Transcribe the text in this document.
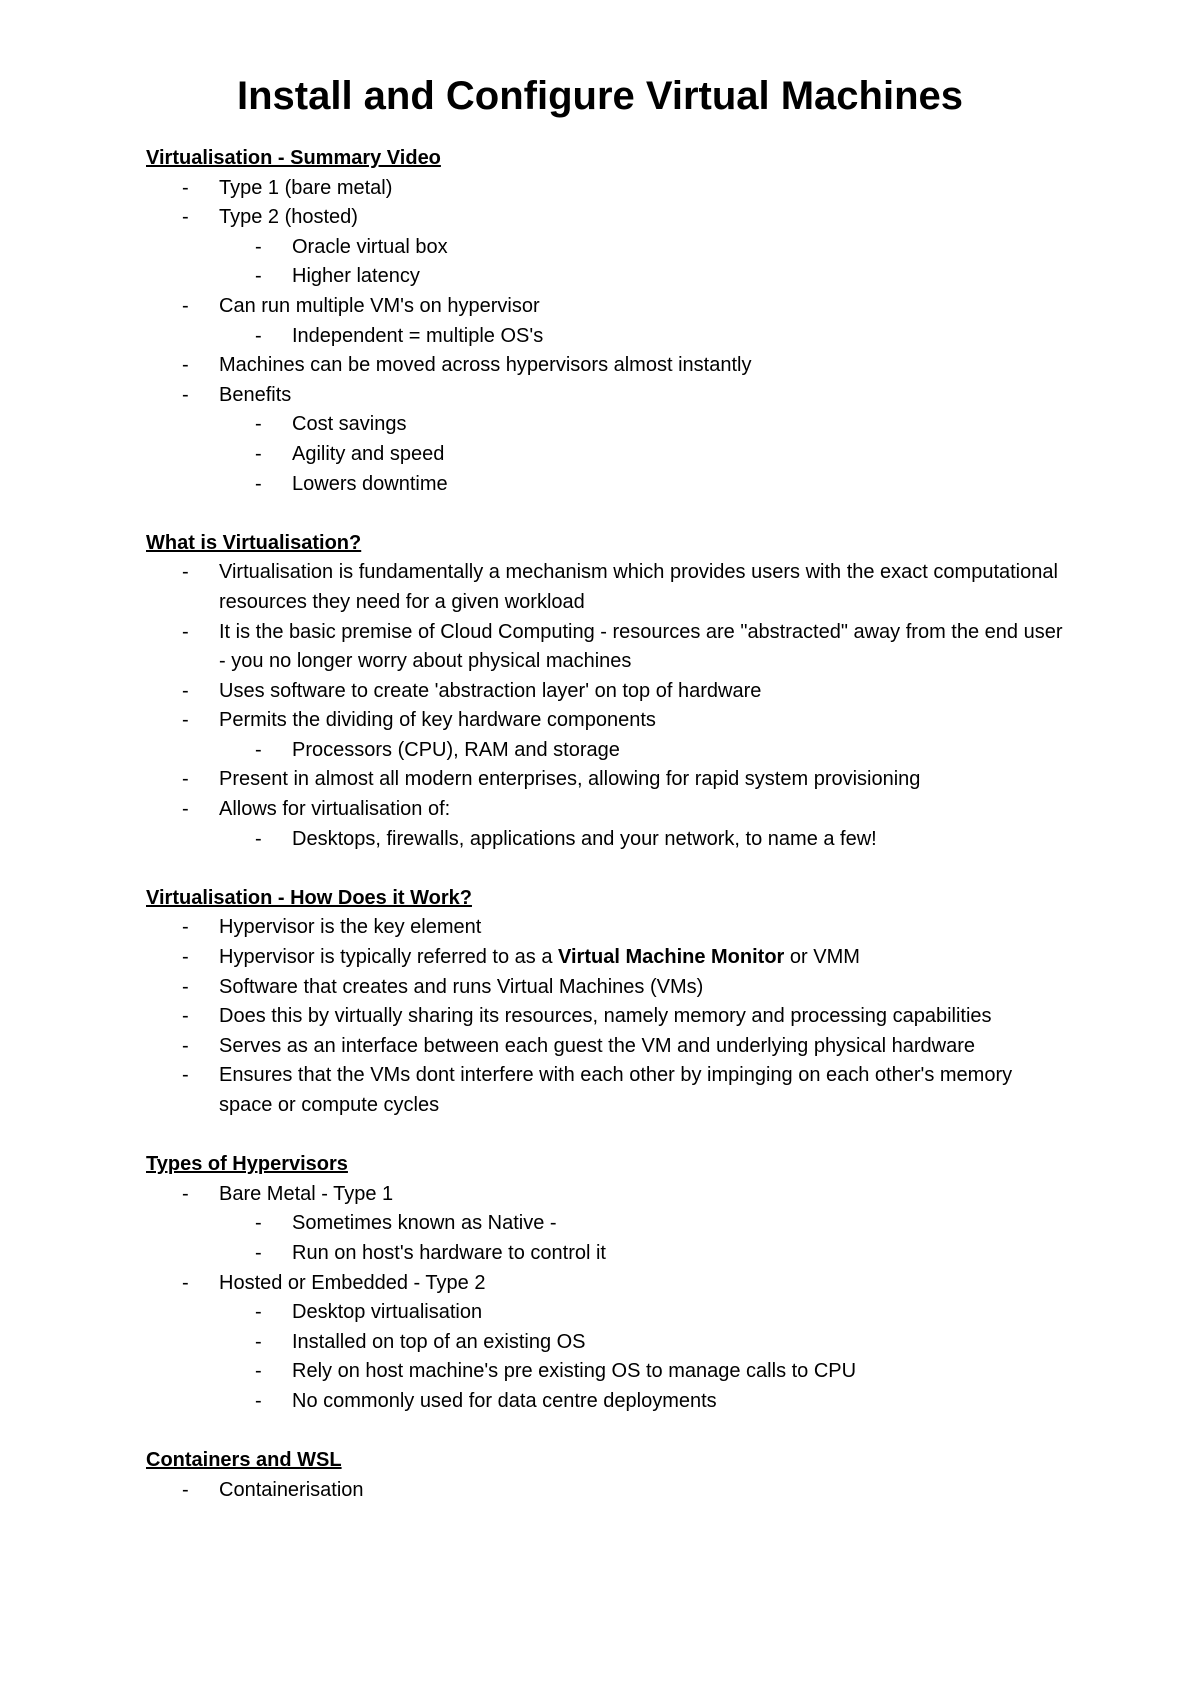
Install and Configure Virtual Machines
Virtualisation - Summary Video
- Type 1 (bare metal)
- Type 2 (hosted)
- Oracle virtual box
- Higher latency
- Can run multiple VM's on hypervisor
- Independent = multiple OS's
- Machines can be moved across hypervisors almost instantly
- Benefits
- Cost savings
- Agility and speed
- Lowers downtime
What is Virtualisation?
- Virtualisation is fundamentally a mechanism which provides users with the exact computational resources they need for a given workload
- It is the basic premise of Cloud Computing - resources are "abstracted" away from the end user - you no longer worry about physical machines
- Uses software to create 'abstraction layer' on top of hardware
- Permits the dividing of key hardware components
- Processors (CPU), RAM and storage
- Present in almost all modern enterprises, allowing for rapid system provisioning
- Allows for virtualisation of:
- Desktops, firewalls, applications and your network, to name a few!
Virtualisation - How Does it Work?
- Hypervisor is the key element
- Hypervisor is typically referred to as a Virtual Machine Monitor or VMM
- Software that creates and runs Virtual Machines (VMs)
- Does this by virtually sharing its resources, namely memory and processing capabilities
- Serves as an interface between each guest the VM and underlying physical hardware
- Ensures that the VMs dont interfere with each other by impinging on each other's memory space or compute cycles
Types of Hypervisors
- Bare Metal - Type 1
- Sometimes known as Native -
- Run on host's hardware to control it
- Hosted or Embedded - Type 2
- Desktop virtualisation
- Installed on top of an existing OS
- Rely on host machine's pre existing OS to manage calls to CPU
- No commonly used for data centre deployments
Containers and WSL
- Containerisation
